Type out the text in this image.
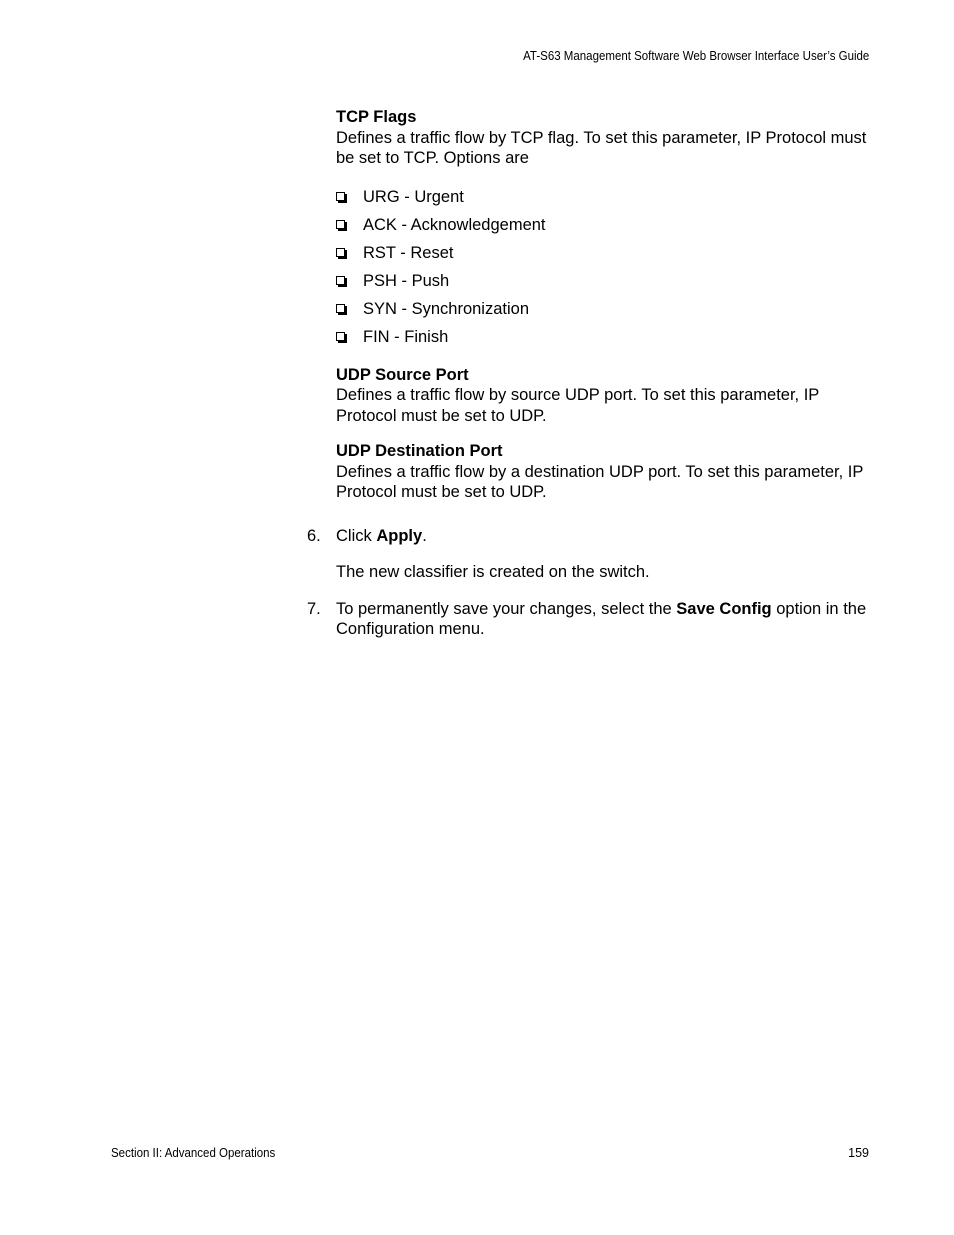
AT-S63 Management Software Web Browser Interface User’s Guide

TCP Flags

Defines a traffic flow by TCP flag. To set this parameter, IP Protocol must be set to TCP. Options are

URG - Urgent
ACK - Acknowledgement
RST - Reset
PSH - Push
SYN - Synchronization
FIN - Finish

UDP Source Port

Defines a traffic flow by source UDP port. To set this parameter, IP Protocol must be set to UDP.

UDP Destination Port

Defines a traffic flow by a destination UDP port. To set this parameter, IP Protocol must be set to UDP.

6. Click Apply.

The new classifier is created on the switch.

7. To permanently save your changes, select the Save Config option in the Configuration menu.

Section II: Advanced Operations	159
